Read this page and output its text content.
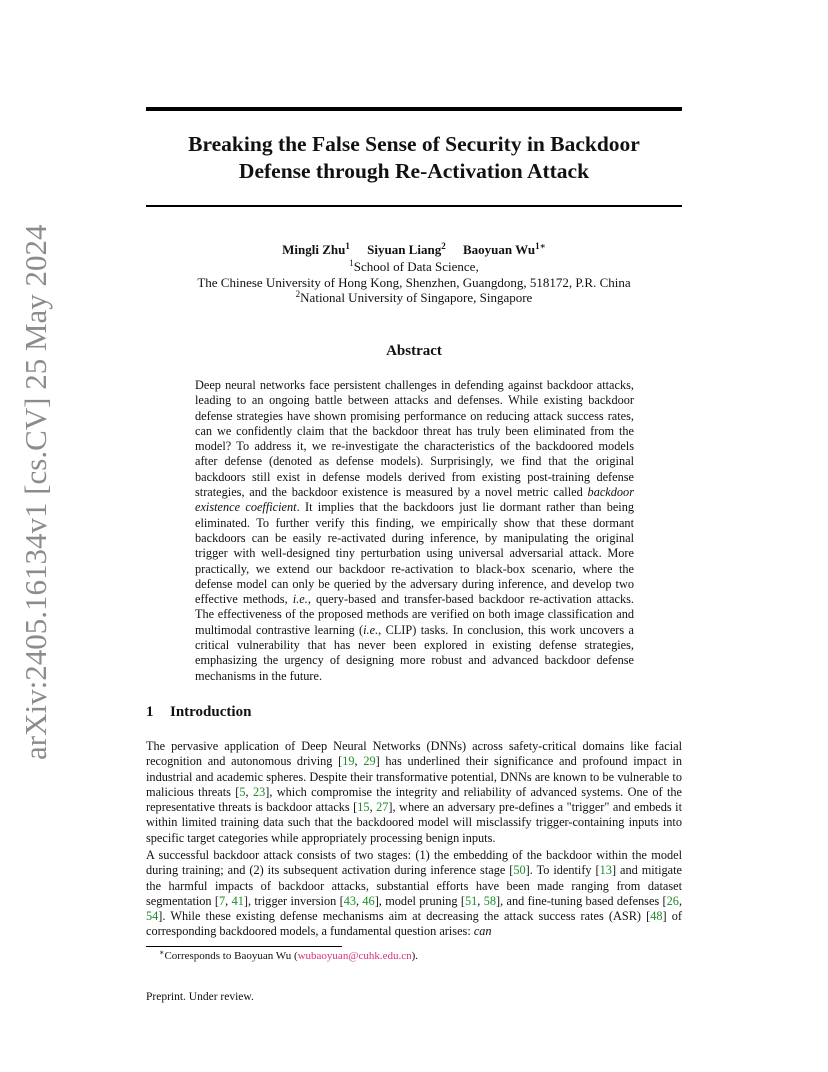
arXiv:2405.16134v1 [cs.CV] 25 May 2024
Breaking the False Sense of Security in Backdoor
Defense through Re-Activation Attack
Mingli Zhu$^1$ Siyuan Liang$^2$ Baoyuan $Wu^{1∗}$
$^1$School of Data Science,
The Chinese University of Hong Kong, Shenzhen, Guangdong, 518172, P.R. China
$^2$National University of Singapore, Singapore
Abstract

Deep neural networks face persistent challenges in defending against backdoor attacks, leading to an ongoing battle between attacks and defenses. While existing backdoor defense strategies have shown promising performance on reducing attack success rates, can we confidently claim that the backdoor threat has truly been eliminated from the model? To address it, we re-investigate the characteristics of the backdoored models after defense (denoted as defense models). Surprisingly, we find that the original backdoors still exist in defense models derived from existing post-training defense strategies, and the backdoor existence is measured by a novel metric called backdoor existence coefficient. It implies that the backdoors just lie dormant rather than being eliminated. To further verify this finding, we empirically show that these dormant backdoors can be easily re-activated during inference, by manipulating the original trigger with well-designed tiny perturbation using universal adversarial attack. More practically, we extend our backdoor re-activation to black-box scenario, where the defense model can only be queried by the adversary during inference, and develop two effective methods, i.e., query-based and transfer-based backdoor re-activation attacks. The effectiveness of the proposed methods are verified on both image classification and multimodal contrastive learning (i.e., CLIP) tasks. In conclusion, this work uncovers a critical vulnerability that has never been explored in existing defense strategies, emphasizing the urgency of designing more robust and advanced backdoor defense mechanisms in the future.

1 Introduction

The pervasive application of Deep Neural Networks (DNNs) across safety-critical domains like facial recognition and autonomous driving [19, 29] has underlined their significance and profound impact in industrial and academic spheres. Despite their transformative potential, DNNs are known to be vulnerable to malicious threats [5, 23], which compromise the integrity and reliability of advanced systems. One of the representative threats is backdoor attacks [15, 27], where an adversary pre-defines a "trigger" and embeds it within limited training data such that the backdoored model will misclassify trigger-containing inputs into specific target categories while appropriately processing benign inputs.

A successful backdoor attack consists of two stages: (1) the embedding of the backdoor within the model during training; and (2) its subsequent activation during inference stage [50]. To identify [13] and mitigate the harmful impacts of backdoor attacks, substantial efforts have been made ranging from dataset segmentation [7, 41], trigger inversion [43, 46], model pruning [51, 58], and fine-tuning based defenses [26, 54]. While these existing defense mechanisms aim at decreasing the attack success rates (ASR) [48] of corresponding backdoored models, a fundamental question arises: can

∗Corresponds to Baoyuan Wu (wubaoyuan@cuhk.edu.cn).
Preprint. Under review.
